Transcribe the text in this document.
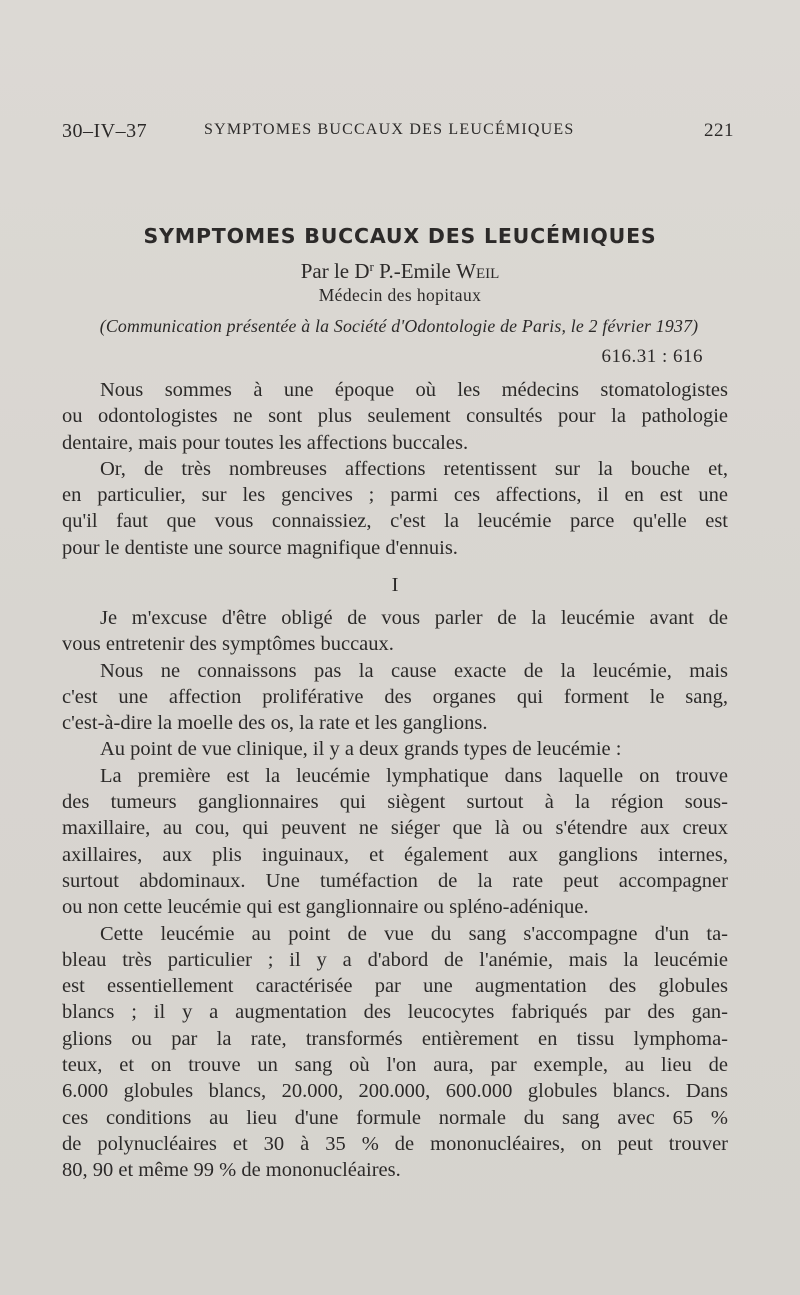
30–IV–37	SYMPTOMES BUCCAUX DES LEUCÉMIQUES	221
SYMPTOMES BUCCAUX DES LEUCÉMIQUES
Par le $D^r$ P.-Emile Weil
Médecin des hopitaux
(Communication présentée à la Société d'Odontologie de Paris, le 2 février 1937)
616.31 : 616
Nous sommes à une époque où les médecins stomatologistes
ou odontologistes ne sont plus seulement consultés pour la pathologie
dentaire, mais pour toutes les affections buccales.
Or, de très nombreuses affections retentissent sur la bouche et,
en particulier, sur les gencives ; parmi ces affections, il en est une
qu'il faut que vous connaissiez, c'est la leucémie parce qu'elle est
pour le dentiste une source magnifique d'ennuis.
I
Je m'excuse d'être obligé de vous parler de la leucémie avant de
vous entretenir des symptômes buccaux.
Nous ne connaissons pas la cause exacte de la leucémie, mais
c'est une affection proliférative des organes qui forment le sang,
c'est-à-dire la moelle des os, la rate et les ganglions.
Au point de vue clinique, il y a deux grands types de leucémie :
La première est la leucémie lymphatique dans laquelle on trouve
des tumeurs ganglionnaires qui siègent surtout à la région sous-
maxillaire, au cou, qui peuvent ne siéger que là ou s'étendre aux creux
axillaires, aux plis inguinaux, et également aux ganglions internes,
surtout abdominaux. Une tuméfaction de la rate peut accompagner
ou non cette leucémie qui est ganglionnaire ou spléno-adénique.
Cette leucémie au point de vue du sang s'accompagne d'un ta-
bleau très particulier ; il y a d'abord de l'anémie, mais la leucémie
est essentiellement caractérisée par une augmentation des globules
blancs ; il y a augmentation des leucocytes fabriqués par des gan-
glions ou par la rate, transformés entièrement en tissu lymphoma-
teux, et on trouve un sang où l'on aura, par exemple, au lieu de
6.000 globules blancs, 20.000, 200.000, 600.000 globules blancs. Dans
ces conditions au lieu d'une formule normale du sang avec 65 %
de polynucléaires et 30 à 35 % de mononucléaires, on peut trouver
80, 90 et même 99 % de mononucléaires.
